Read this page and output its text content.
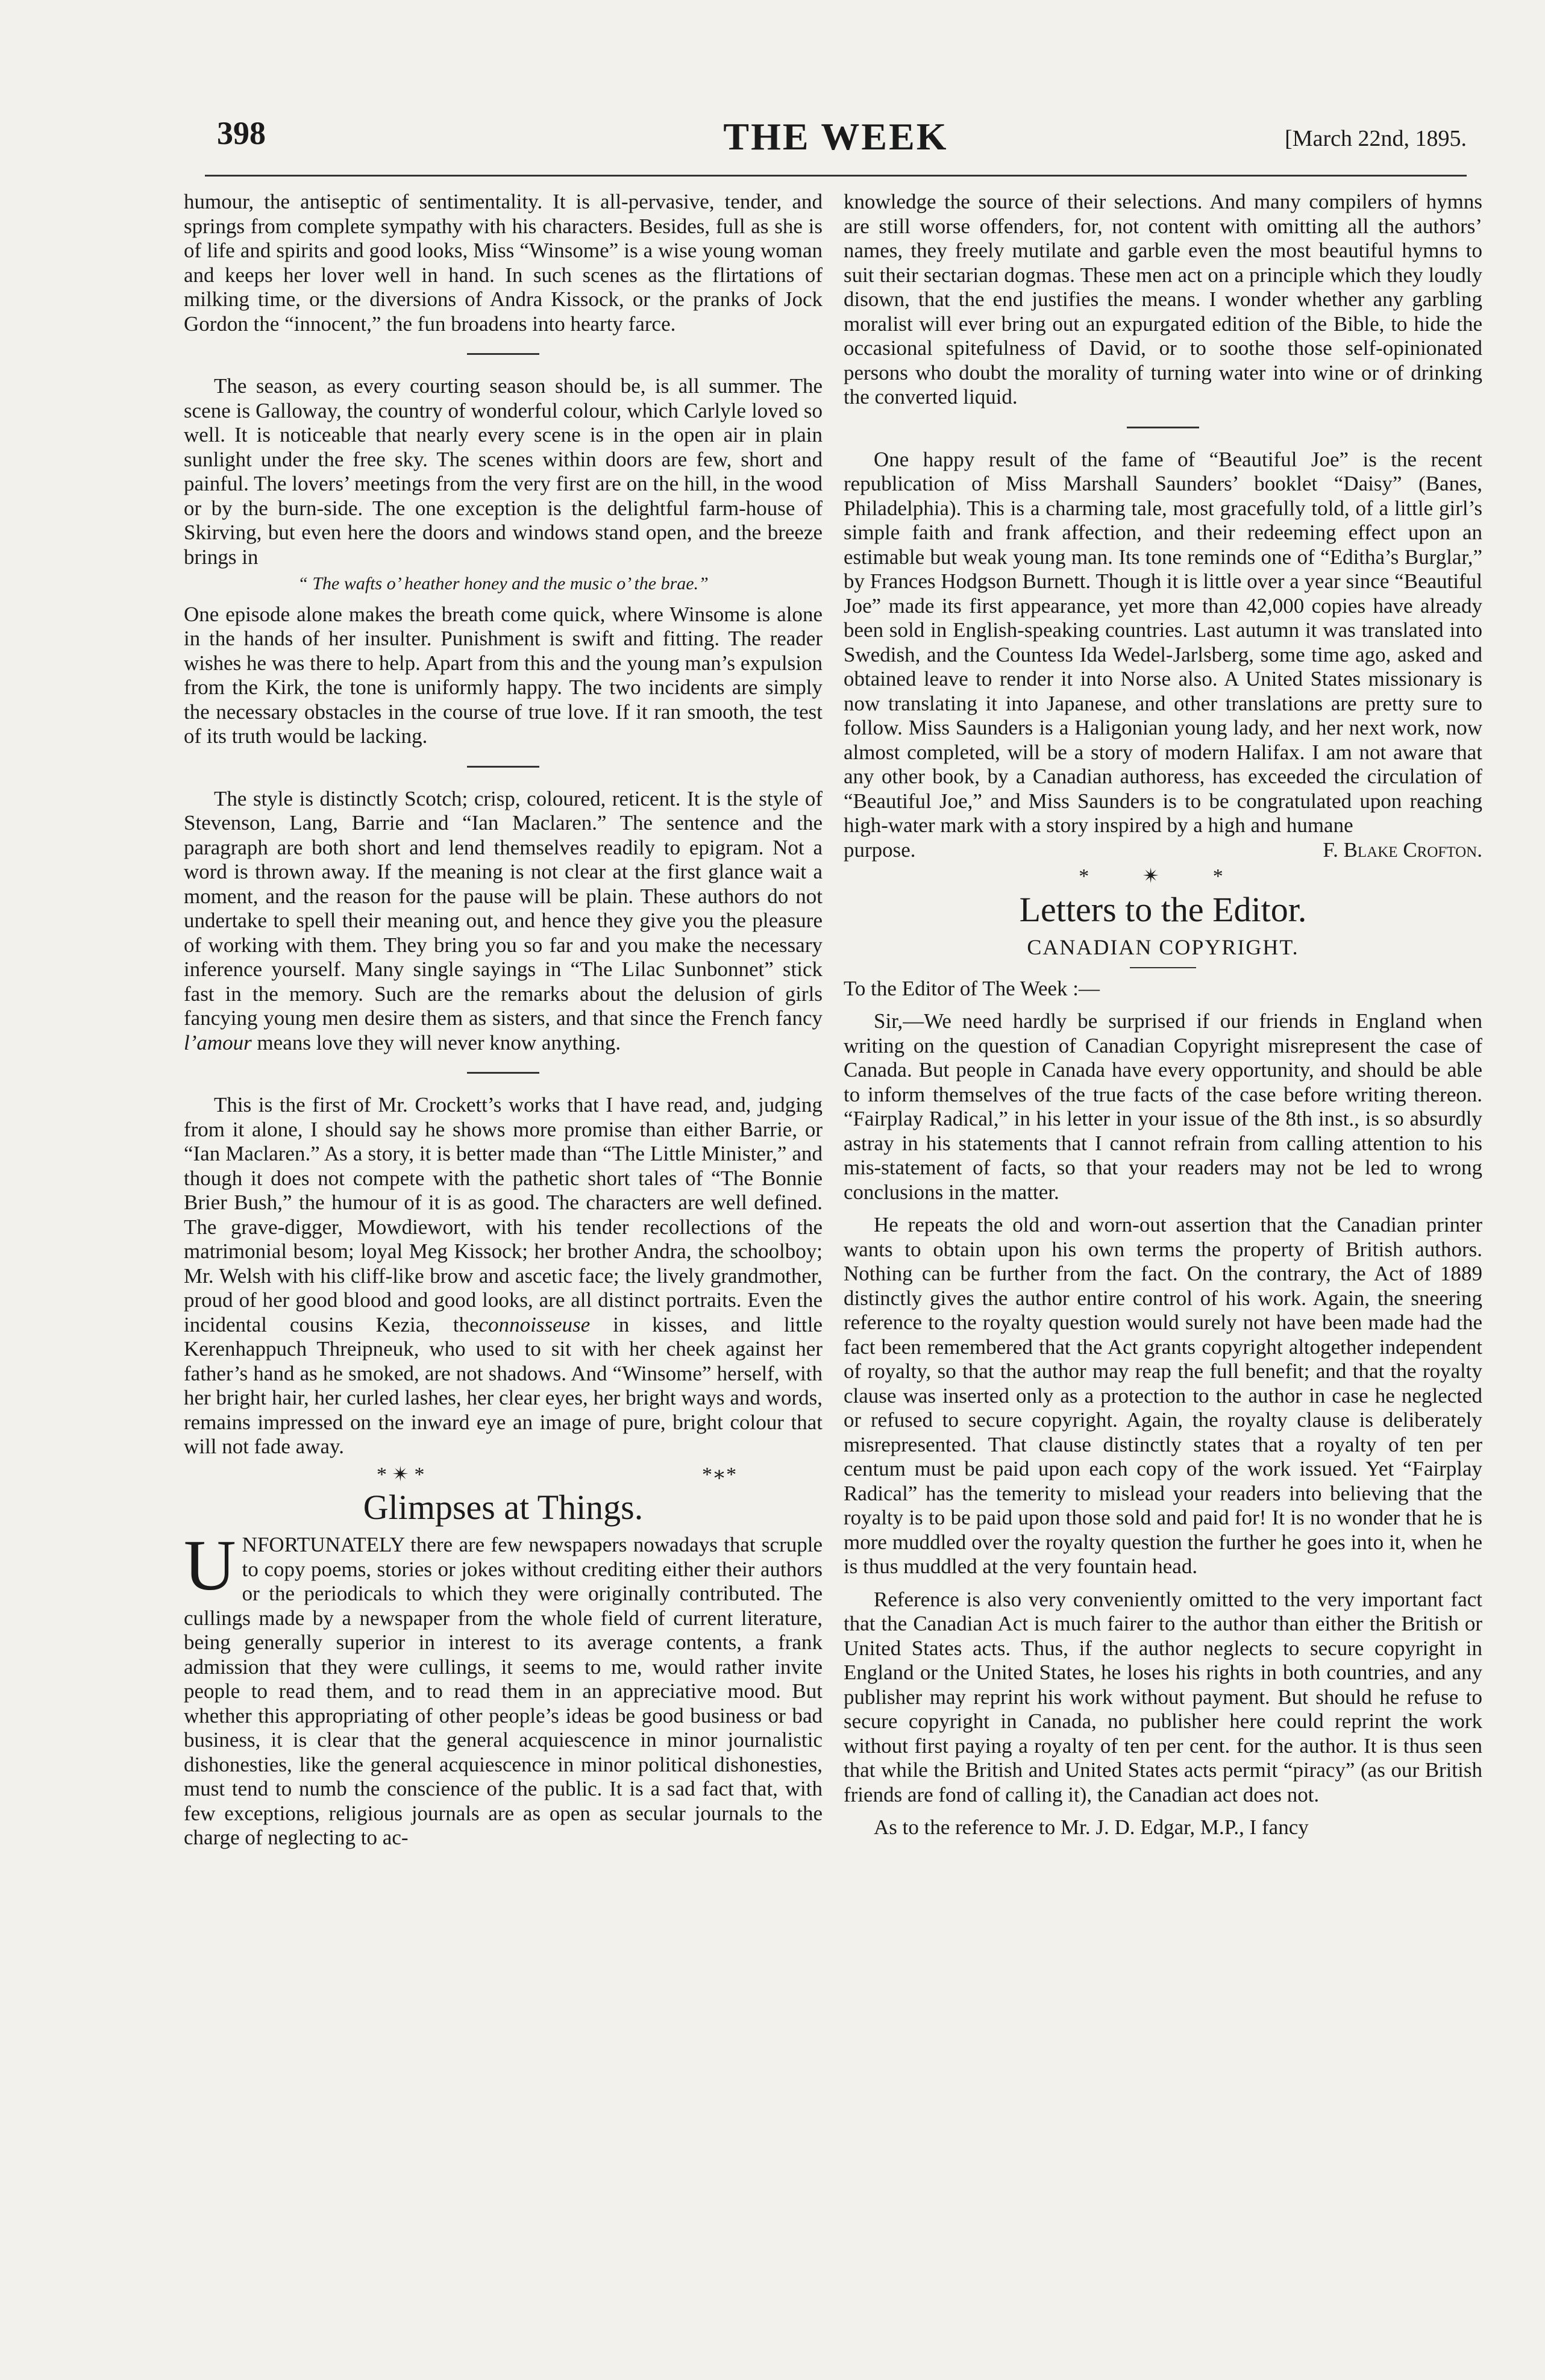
398	THE WEEK	[March 22nd, 1895.

humour, the antiseptic of sentimentality. It is all-pervasive, tender, and springs from complete sympathy with his characters. Besides, full as she is of life and spirits and good looks, Miss “Winsome” is a wise young woman and keeps her lover well in hand. In such scenes as the flirtations of milking time, or the diversions of Andra Kissock, or the pranks of Jock Gordon the “innocent,” the fun broadens into hearty farce.

The season, as every courting season should be, is all summer. The scene is Galloway, the country of wonderful colour, which Carlyle loved so well. It is noticeable that nearly every scene is in the open air in plain sunlight under the free sky. The scenes within doors are few, short and painful. The lovers’ meetings from the very first are on the hill, in the wood or by the burn-side. The one exception is the delightful farm-house of Skirving, but even here the doors and windows stand open, and the breeze brings in

“ The wafts o’ heather honey and the music o’ the brae.”

One episode alone makes the breath come quick, where Winsome is alone in the hands of her insulter. Punishment is swift and fitting. The reader wishes he was there to help. Apart from this and the young man’s expulsion from the Kirk, the tone is uniformly happy. The two incidents are simply the necessary obstacles in the course of true love. If it ran smooth, the test of its truth would be lacking.

The style is distinctly Scotch; crisp, coloured, reticent. It is the style of Stevenson, Lang, Barrie and “Ian Maclaren.” The sentence and the paragraph are both short and lend themselves readily to epigram. Not a word is thrown away. If the meaning is not clear at the first glance wait a moment, and the reason for the pause will be plain. These authors do not undertake to spell their meaning out, and hence they give you the pleasure of working with them. They bring you so far and you make the necessary inference yourself. Many single sayings in “The Lilac Sunbonnet” stick fast in the memory. Such are the remarks about the delusion of girls fancying young men desire them as sisters, and that since the French fancy l’amour means love they will never know anything.

This is the first of Mr. Crockett’s works that I have read, and, judging from it alone, I should say he shows more promise than either Barrie, or “Ian Maclaren.” As a story, it is better made than “The Little Minister,” and though it does not compete with the pathetic short tales of “The Bonnie Brier Bush,” the humour of it is as good. The characters are well defined. The grave-digger, Mowdiewort, with his tender recollections of the matrimonial besom; loyal Meg Kissock; her brother Andra, the schoolboy; Mr. Welsh with his cliff-like brow and ascetic face; the lively grandmother, proud of her good blood and good looks, are all distinct portraits. Even the incidental cousins Kezia, theconnoisseuse in kisses, and little Kerenhappuch Threipneuk, who used to sit with her cheek against her father’s hand as he smoked, are not shadows. And “Winsome” herself, with her bright hair, her curled lashes, her clear eyes, her bright ways and words, remains impressed on the inward eye an image of pure, bright colour that will not fade away.

* ✴ *	*∗*
Glimpses at Things.

UNFORTUNATELY there are few newspapers nowadays that scruple to copy poems, stories or jokes without crediting either their authors or the periodicals to which they were originally contributed. The cullings made by a newspaper from the whole field of current literature, being generally superior in interest to its average contents, a frank admission that they were cullings, it seems to me, would rather invite people to read them, and to read them in an appreciative mood. But whether this appropriating of other people’s ideas be good business or bad business, it is clear that the general acquiescence in minor journalistic dishonesties, like the general acquiescence in minor political dishonesties, must tend to numb the conscience of the public. It is a sad fact that, with few exceptions, religious journals are as open as secular journals to the charge of neglecting to ac-

knowledge the source of their selections. And many compilers of hymns are still worse offenders, for, not content with omitting all the authors’ names, they freely mutilate and garble even the most beautiful hymns to suit their sectarian dogmas. These men act on a principle which they loudly disown, that the end justifies the means. I wonder whether any garbling moralist will ever bring out an expurgated edition of the Bible, to hide the occasional spitefulness of David, or to soothe those self-opinionated persons who doubt the morality of turning water into wine or of drinking the converted liquid.

One happy result of the fame of “Beautiful Joe” is the recent republication of Miss Marshall Saunders’ booklet “Daisy” (Banes, Philadelphia). This is a charming tale, most gracefully told, of a little girl’s simple faith and frank affection, and their redeeming effect upon an estimable but weak young man. Its tone reminds one of “Editha’s Burglar,” by Frances Hodgson Burnett. Though it is little over a year since “Beautiful Joe” made its first appearance, yet more than 42,000 copies have already been sold in English-speaking countries. Last autumn it was translated into Swedish, and the Countess Ida Wedel-Jarlsberg, some time ago, asked and obtained leave to render it into Norse also. A United States missionary is now translating it into Japanese, and other translations are pretty sure to follow. Miss Saunders is a Haligonian young lady, and her next work, now almost completed, will be a story of modern Halifax. I am not aware that any other book, by a Canadian authoress, has exceeded the circulation of “Beautiful Joe,” and Miss Saunders is to be congratulated upon reaching high-water mark with a story inspired by a high and humane

purpose.	F. Blake Crofton.
* ✴ *
Letters to the Editor.
CANADIAN COPYRIGHT.

To the Editor of The Week :—

Sir,—We need hardly be surprised if our friends in England when writing on the question of Canadian Copyright misrepresent the case of Canada. But people in Canada have every opportunity, and should be able to inform themselves of the true facts of the case before writing thereon. “Fairplay Radical,” in his letter in your issue of the 8th inst., is so absurdly astray in his statements that I cannot refrain from calling attention to his mis-statement of facts, so that your readers may not be led to wrong conclusions in the matter.

He repeats the old and worn-out assertion that the Canadian printer wants to obtain upon his own terms the property of British authors. Nothing can be further from the fact. On the contrary, the Act of 1889 distinctly gives the author entire control of his work. Again, the sneering reference to the royalty question would surely not have been made had the fact been remembered that the Act grants copyright altogether independent of royalty, so that the author may reap the full benefit; and that the royalty clause was inserted only as a protection to the author in case he neglected or refused to secure copyright. Again, the royalty clause is deliberately misrepresented. That clause distinctly states that a royalty of ten per centum must be paid upon each copy of the work issued. Yet “Fairplay Radical” has the temerity to mislead your readers into believing that the royalty is to be paid upon those sold and paid for! It is no wonder that he is more muddled over the royalty question the further he goes into it, when he is thus muddled at the very fountain head.

Reference is also very conveniently omitted to the very important fact that the Canadian Act is much fairer to the author than either the British or United States acts. Thus, if the author neglects to secure copyright in England or the United States, he loses his rights in both countries, and any publisher may reprint his work without payment. But should he refuse to secure copyright in Canada, no publisher here could reprint the work without first paying a royalty of ten per cent. for the author. It is thus seen that while the British and United States acts permit “piracy” (as our British friends are fond of calling it), the Canadian act does not.

As to the reference to Mr. J. D. Edgar, M.P., I fancy
